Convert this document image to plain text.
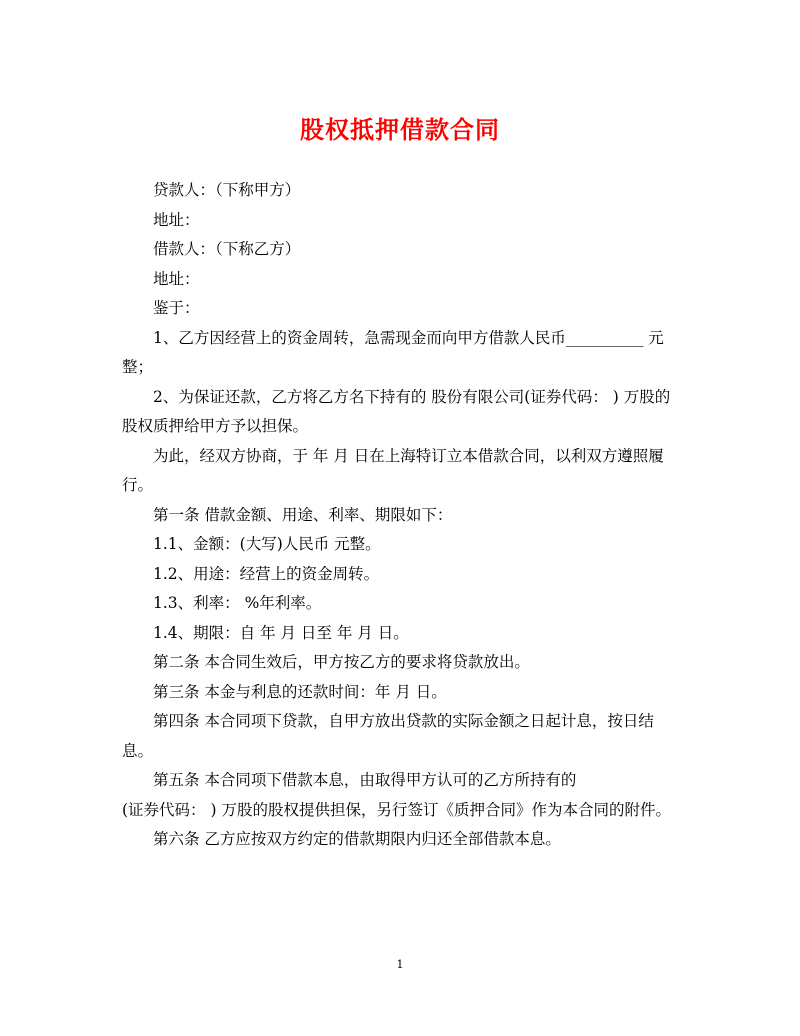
股权抵押借款合同

贷款人：（下称甲方）

地址：

借款人：（下称乙方）

地址：

鉴于：

1、乙方因经营上的资金周转，急需现金而向甲方借款人民币__________ 元整；

2、为保证还款，乙方将乙方名下持有的 股份有限公司(证券代码： ) 万股的股权质押给甲方予以担保。

为此，经双方协商，于 年 月 日在上海特订立本借款合同，以利双方遵照履行。

第一条 借款金额、用途、利率、期限如下：

1.1、金额：(大写)人民币 元整。

1.2、用途：经营上的资金周转。

1.3、利率： %年利率。

1.4、期限：自 年 月 日至 年 月 日。

第二条 本合同生效后，甲方按乙方的要求将贷款放出。

第三条 本金与利息的还款时间：年 月 日。

第四条 本合同项下贷款，自甲方放出贷款的实际金额之日起计息，按日结息。

第五条 本合同项下借款本息，由取得甲方认可的乙方所持有的

(证券代码： ) 万股的股权提供担保，另行签订《质押合同》作为本合同的附件。

第六条 乙方应按双方约定的借款期限内归还全部借款本息。

1
